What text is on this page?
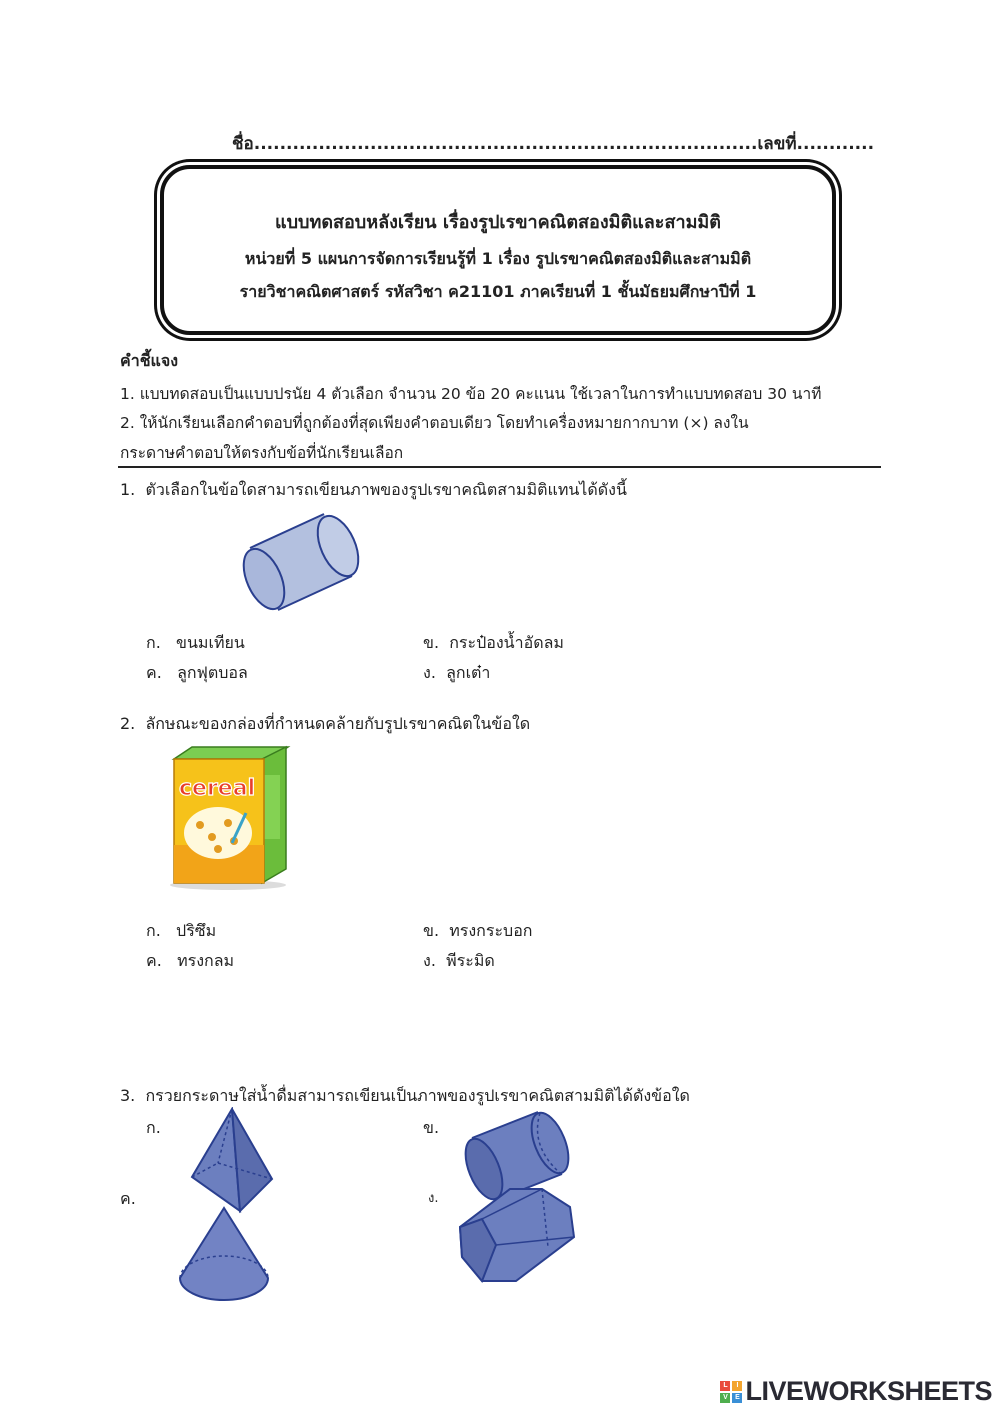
ชื่อ..............................................................................เลขที่............
แบบทดสอบหลังเรียน เรื่องรูปเรขาคณิตสองมิติและสามมิติ
หน่วยที่ 5 แผนการจัดการเรียนรู้ที่ 1 เรื่อง รูปเรขาคณิตสองมิติและสามมิติ
รายวิชาคณิตศาสตร์ รหัสวิชา ค21101 ภาคเรียนที่ 1 ชั้นมัธยมศึกษาปีที่ 1
คำชี้แจง
1. แบบทดสอบเป็นแบบปรนัย 4 ตัวเลือก จำนวน 20 ข้อ 20 คะแนน ใช้เวลาในการทำแบบทดสอบ 30 นาที
2. ให้นักเรียนเลือกคำตอบที่ถูกต้องที่สุดเพียงคำตอบเดียว โดยทำเครื่องหมายกากบาท (×) ลงใน
กระดาษคำตอบให้ตรงกับข้อที่นักเรียนเลือก
1. ตัวเลือกในข้อใดสามารถเขียนภาพของรูปเรขาคณิตสามมิติแทนได้ดังนี้
ก. ขนมเทียน	ข. กระป๋องน้ำอัดลม
ค. ลูกฟุตบอล	ง. ลูกเต๋า
2. ลักษณะของกล่องที่กำหนดคล้ายกับรูปเรขาคณิตในข้อใด
cereal
ก. ปริซึม	ข. ทรงกระบอก
ค. ทรงกลม	ง. พีระมิด
3. กรวยกระดาษใส่น้ำดื่มสามารถเขียนเป็นภาพของรูปเรขาคณิตสามมิติได้ดังข้อใด
ก.	ข.
ค.	ง.
L	I
V	E LIVEWORKSHEETS
